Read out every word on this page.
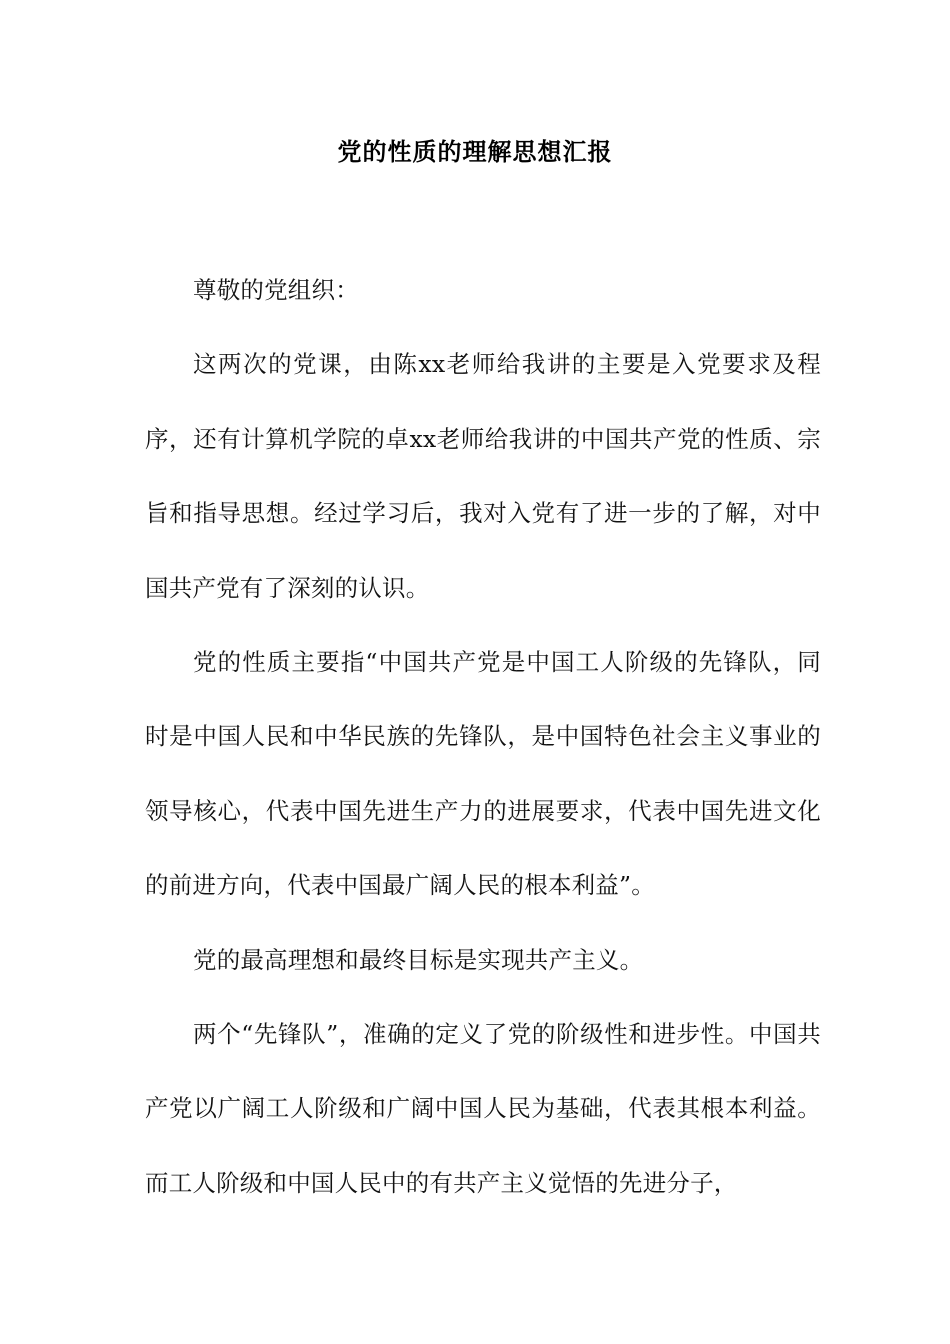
党的性质的理解思想汇报

尊敬的党组织：

这两次的党课，由陈xx老师给我讲的主要是入党要求及程序，还有计算机学院的卓xx老师给我讲的中国共产党的性质、宗旨和指导思想。经过学习后，我对入党有了进一步的了解，对中国共产党有了深刻的认识。

党的性质主要指“中国共产党是中国工人阶级的先锋队，同时是中国人民和中华民族的先锋队，是中国特色社会主义事业的领导核心，代表中国先进生产力的进展要求，代表中国先进文化的前进方向，代表中国最广阔人民的根本利益”。

党的最高理想和最终目标是实现共产主义。

两个“先锋队”，准确的定义了党的阶级性和进步性。中国共产党以广阔工人阶级和广阔中国人民为基础，代表其根本利益。而工人阶级和中国人民中的有共产主义觉悟的先进分子，
